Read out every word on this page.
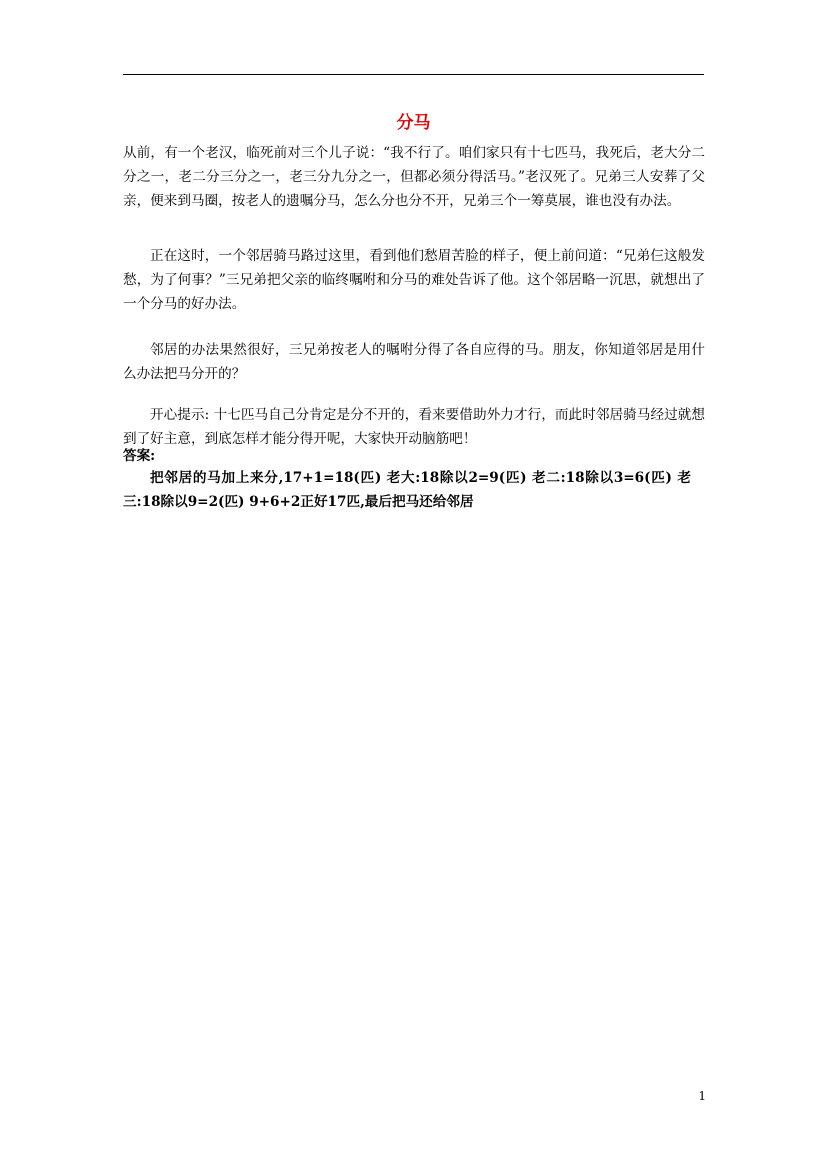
分马

从前，有一个老汉，临死前对三个儿子说：“我不行了。咱们家只有十七匹马，我死后，老大分二分之一，老二分三分之一，老三分九分之一，但都必须分得活马。”老汉死了。兄弟三人安葬了父亲，便来到马圈，按老人的遗嘱分马，怎么分也分不开，兄弟三个一筹莫展，谁也没有办法。

正在这时，一个邻居骑马路过这里，看到他们愁眉苦脸的样子，便上前问道：“兄弟仨这般发愁，为了何事？”三兄弟把父亲的临终嘱咐和分马的难处告诉了他。这个邻居略一沉思，就想出了一个分马的好办法。

邻居的办法果然很好，三兄弟按老人的嘱咐分得了各自应得的马。朋友，你知道邻居是用什么办法把马分开的？

开心提示: 十七匹马自己分肯定是分不开的，看来要借助外力才行，而此时邻居骑马经过就想到了好主意，到底怎样才能分得开呢，大家快开动脑筋吧！

答案:

把邻居的马加上来分,17+1=18(匹) 老大:18除以2=9(匹) 老二:18除以3=6(匹) 老三:18除以9=2(匹) 9+6+2正好17匹,最后把马还给邻居

1
